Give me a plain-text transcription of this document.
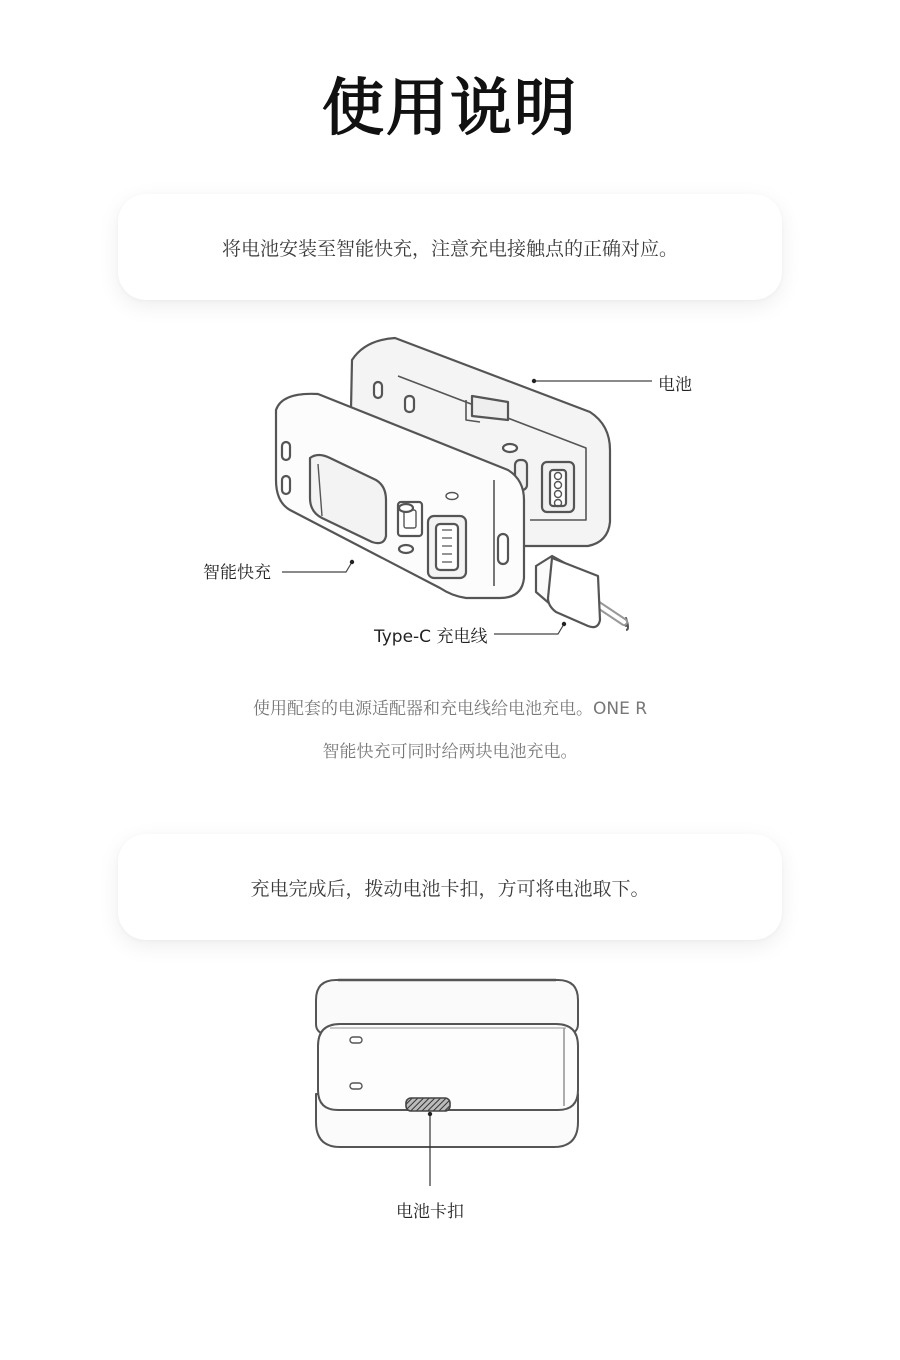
使用说明
将电池安装至智能快充，注意充电接触点的正确对应。
电池
智能快充
Type-C 充电线
使用配套的电源适配器和充电线给电池充电。ONE R
智能快充可同时给两块电池充电。
充电完成后，拨动电池卡扣，方可将电池取下。
电池卡扣
